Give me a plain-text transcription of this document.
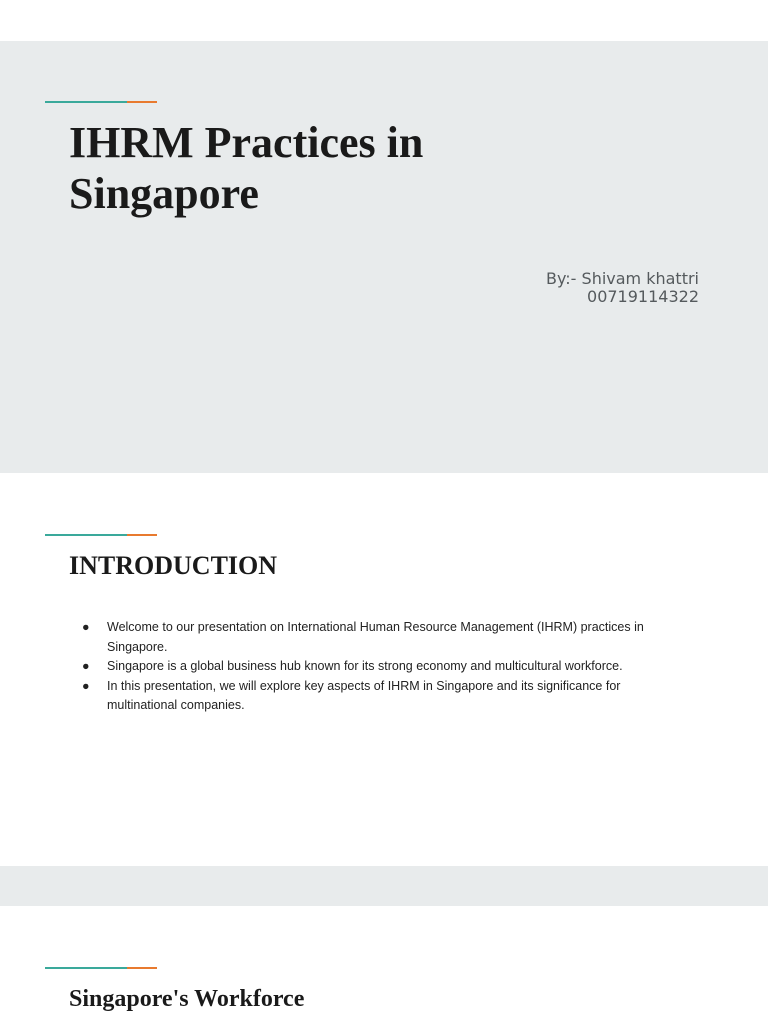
IHRM Practices in
Singapore
By:- Shivam khattri
00719114322
INTRODUCTION
● Welcome to our presentation on International Human Resource Management (IHRM) practices in Singapore.
● Singapore is a global business hub known for its strong economy and multicultural workforce.
● In this presentation, we will explore key aspects of IHRM in Singapore and its significance for multinational companies.
Singapore's Workforce
